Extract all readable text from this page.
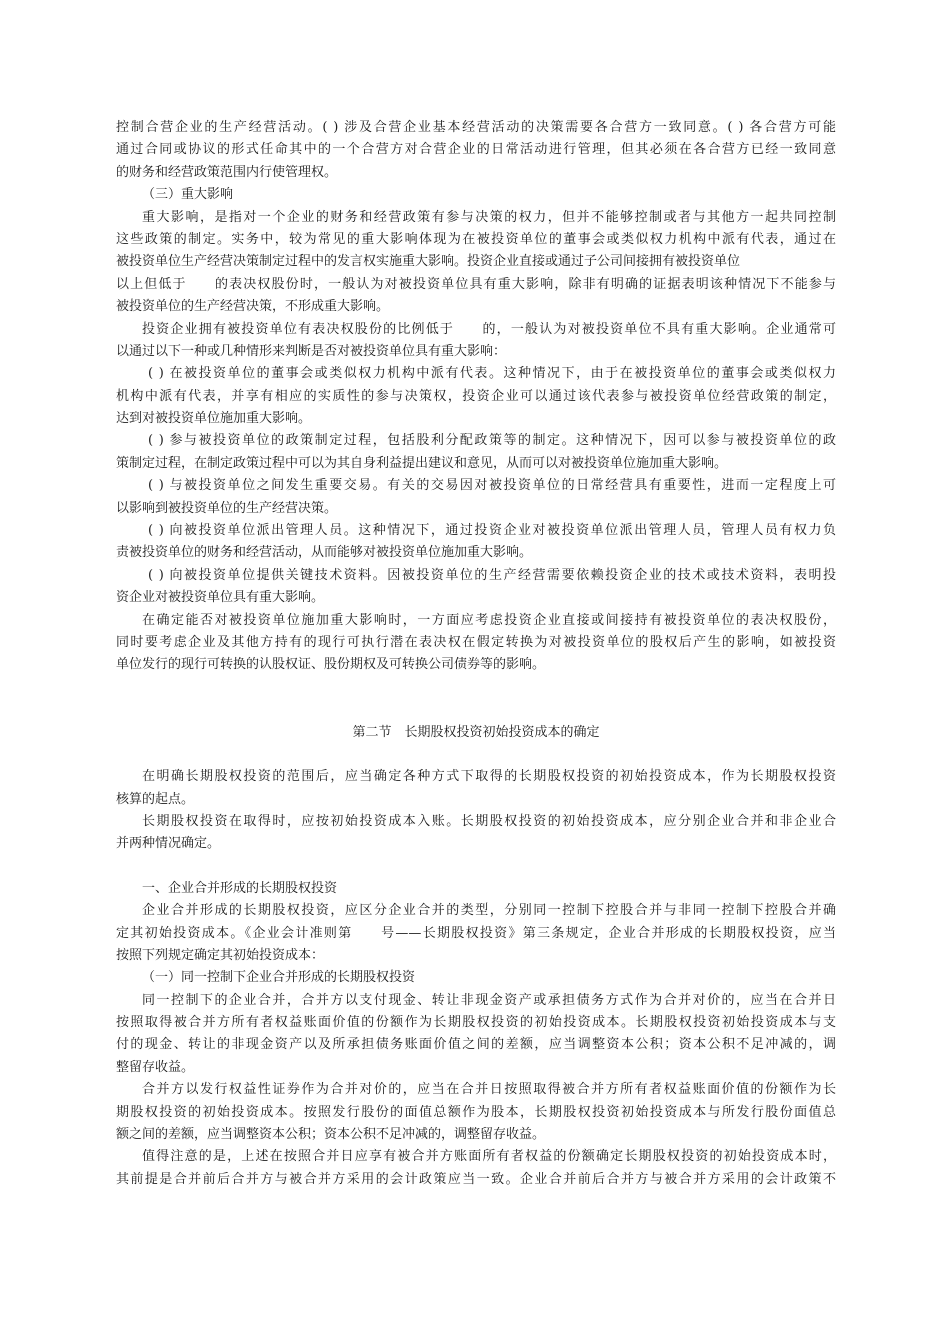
控制合营企业的生产经营活动。( ) 涉及合营企业基本经营活动的决策需要各合营方一致同意。( ) 各合营方可能
通过合同或协议的形式任命其中的一个合营方对合营企业的日常活动进行管理，但其必须在各合营方已经一致同意
的财务和经营政策范围内行使管理权。
（三）重大影响
重大影响，是指对一个企业的财务和经营政策有参与决策的权力，但并不能够控制或者与其他方一起共同控制
这些政策的制定。实务中，较为常见的重大影响体现为在被投资单位的董事会或类似权力机构中派有代表，通过在
被投资单位生产经营决策制定过程中的发言权实施重大影响。投资企业直接或通过子公司间接拥有被投资单位
以上但低于　　的表决权股份时，一般认为对被投资单位具有重大影响，除非有明确的证据表明该种情况下不能参与
被投资单位的生产经营决策，不形成重大影响。
投资企业拥有被投资单位有表决权股份的比例低于　　的，一般认为对被投资单位不具有重大影响。企业通常可
以通过以下一种或几种情形来判断是否对被投资单位具有重大影响：
( ) 在被投资单位的董事会或类似权力机构中派有代表。这种情况下，由于在被投资单位的董事会或类似权力
机构中派有代表，并享有相应的实质性的参与决策权，投资企业可以通过该代表参与被投资单位经营政策的制定，
达到对被投资单位施加重大影响。
( ) 参与被投资单位的政策制定过程，包括股利分配政策等的制定。这种情况下，因可以参与被投资单位的政
策制定过程，在制定政策过程中可以为其自身利益提出建议和意见，从而可以对被投资单位施加重大影响。
( ) 与被投资单位之间发生重要交易。有关的交易因对被投资单位的日常经营具有重要性，进而一定程度上可
以影响到被投资单位的生产经营决策。
( ) 向被投资单位派出管理人员。这种情况下，通过投资企业对被投资单位派出管理人员，管理人员有权力负
责被投资单位的财务和经营活动，从而能够对被投资单位施加重大影响。
( ) 向被投资单位提供关键技术资料。因被投资单位的生产经营需要依赖投资企业的技术或技术资料，表明投
资企业对被投资单位具有重大影响。
在确定能否对被投资单位施加重大影响时，一方面应考虑投资企业直接或间接持有被投资单位的表决权股份，
同时要考虑企业及其他方持有的现行可执行潜在表决权在假定转换为对被投资单位的股权后产生的影响，如被投资
单位发行的现行可转换的认股权证、股份期权及可转换公司债券等的影响。
第二节　长期股权投资初始投资成本的确定
在明确长期股权投资的范围后，应当确定各种方式下取得的长期股权投资的初始投资成本，作为长期股权投资
核算的起点。
长期股权投资在取得时，应按初始投资成本入账。长期股权投资的初始投资成本，应分别企业合并和非企业合
并两种情况确定。
一、企业合并形成的长期股权投资
企业合并形成的长期股权投资，应区分企业合并的类型，分别同一控制下控股合并与非同一控制下控股合并确
定其初始投资成本。《企业会计准则第　　号——长期股权投资》第三条规定，企业合并形成的长期股权投资，应当
按照下列规定确定其初始投资成本：
（一）同一控制下企业合并形成的长期股权投资
同一控制下的企业合并，合并方以支付现金、转让非现金资产或承担债务方式作为合并对价的，应当在合并日
按照取得被合并方所有者权益账面价值的份额作为长期股权投资的初始投资成本。长期股权投资初始投资成本与支
付的现金、转让的非现金资产以及所承担债务账面价值之间的差额，应当调整资本公积；资本公积不足冲减的，调
整留存收益。
合并方以发行权益性证券作为合并对价的，应当在合并日按照取得被合并方所有者权益账面价值的份额作为长
期股权投资的初始投资成本。按照发行股份的面值总额作为股本，长期股权投资初始投资成本与所发行股份面值总
额之间的差额，应当调整资本公积；资本公积不足冲减的，调整留存收益。
值得注意的是，上述在按照合并日应享有被合并方账面所有者权益的份额确定长期股权投资的初始投资成本时，
其前提是合并前后合并方与被合并方采用的会计政策应当一致。企业合并前后合并方与被合并方采用的会计政策不
